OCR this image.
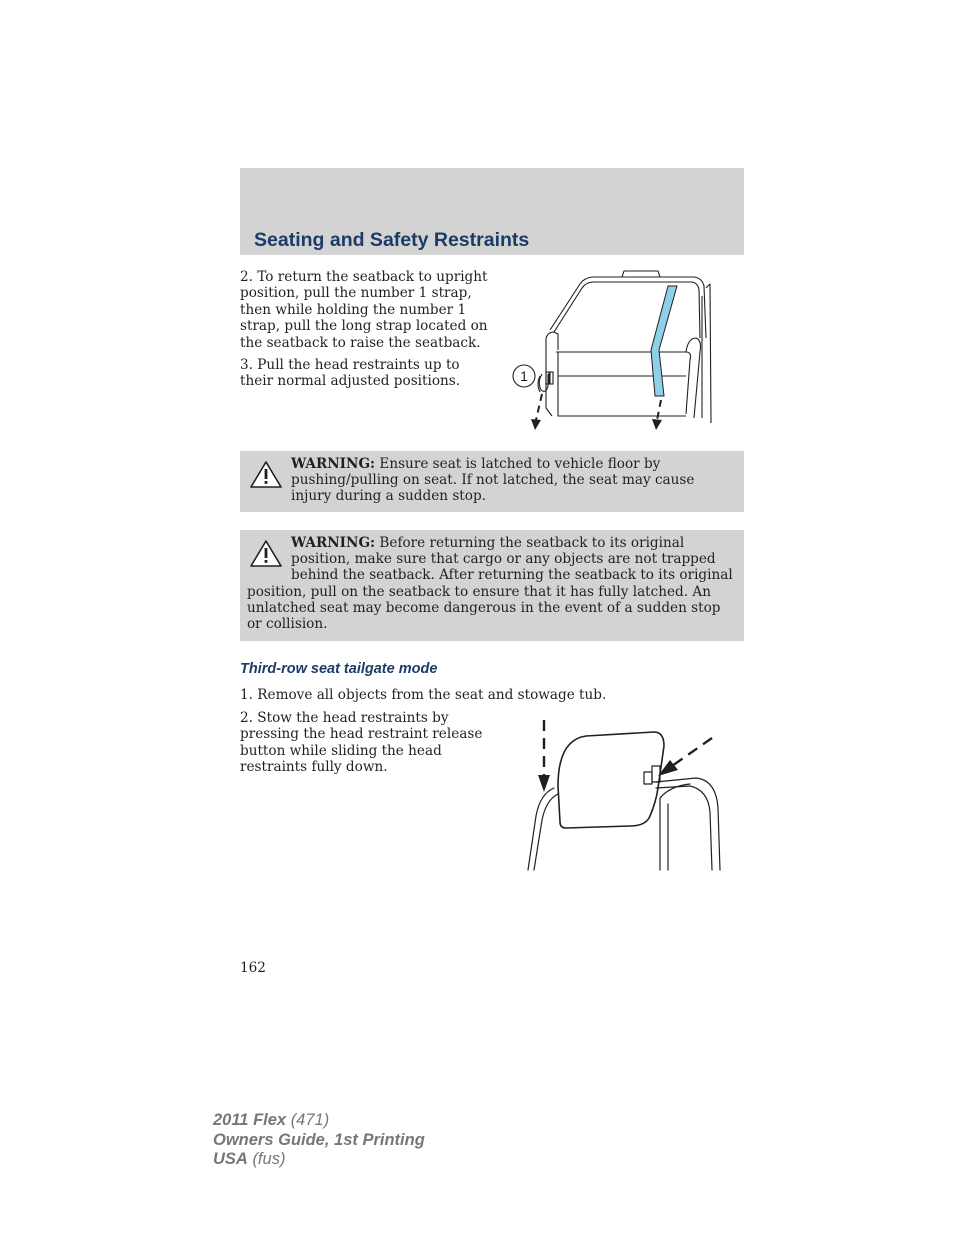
Seating and Safety Restraints

2. To return the seatback to upright position, pull the number 1 strap, then while holding the number 1 strap, pull the long strap located on the seatback to raise the seatback.

3. Pull the head restraints up to their normal adjusted positions.	1
WARNING: Ensure seat is latched to vehicle floor by pushing/pulling on seat. If not latched, the seat may cause injury during a sudden stop.
WARNING: Before returning the seatback to its original position, make sure that cargo or any objects are not trapped behind the seatback. After returning the seatback to its original position, pull on the seatback to ensure that it has fully latched. An unlatched seat may become dangerous in the event of a sudden stop or collision.
Third-row seat tailgate mode

1. Remove all objects from the seat and stowage tub.

2. Stow the head restraints by pressing the head restraint release button while sliding the head restraints fully down.

162

2011 Flex (471)
Owners Guide, 1st Printing
USA (fus)
